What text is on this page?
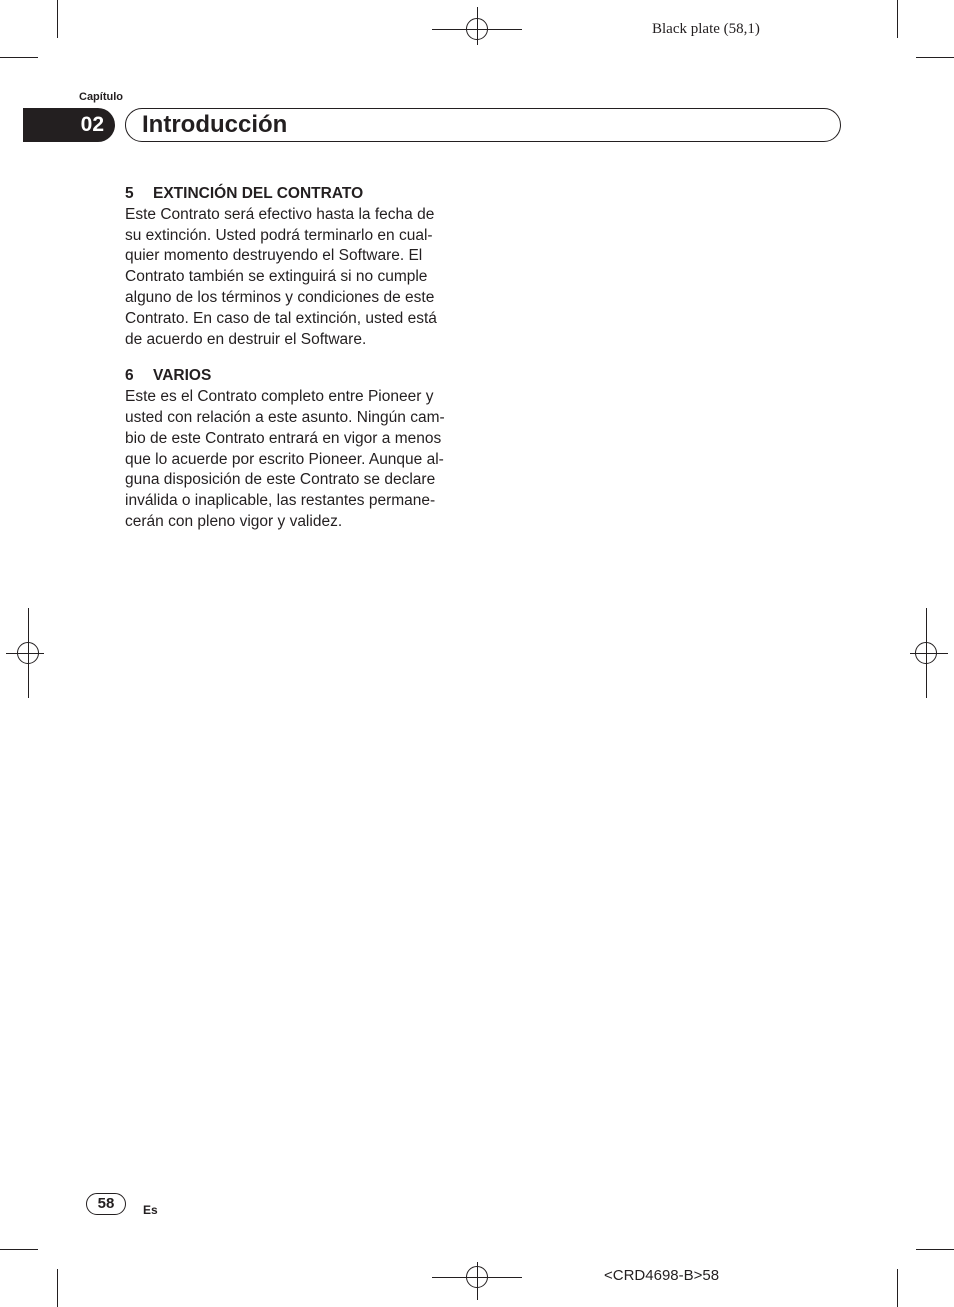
Black plate (58,1)
Capítulo
02	Introducción
5 EXTINCIÓN DEL CONTRATO
Este Contrato será efectivo hasta la fecha de
su extinción. Usted podrá terminarlo en cual-
quier momento destruyendo el Software. El
Contrato también se extinguirá si no cumple
alguno de los términos y condiciones de este
Contrato. En caso de tal extinción, usted está
de acuerdo en destruir el Software.
6 VARIOS
Este es el Contrato completo entre Pioneer y
usted con relación a este asunto. Ningún cam-
bio de este Contrato entrará en vigor a menos
que lo acuerde por escrito Pioneer. Aunque al-
guna disposición de este Contrato se declare
inválida o inaplicable, las restantes permane-
cerán con pleno vigor y validez.
58	Es
<CRD4698-B>58
